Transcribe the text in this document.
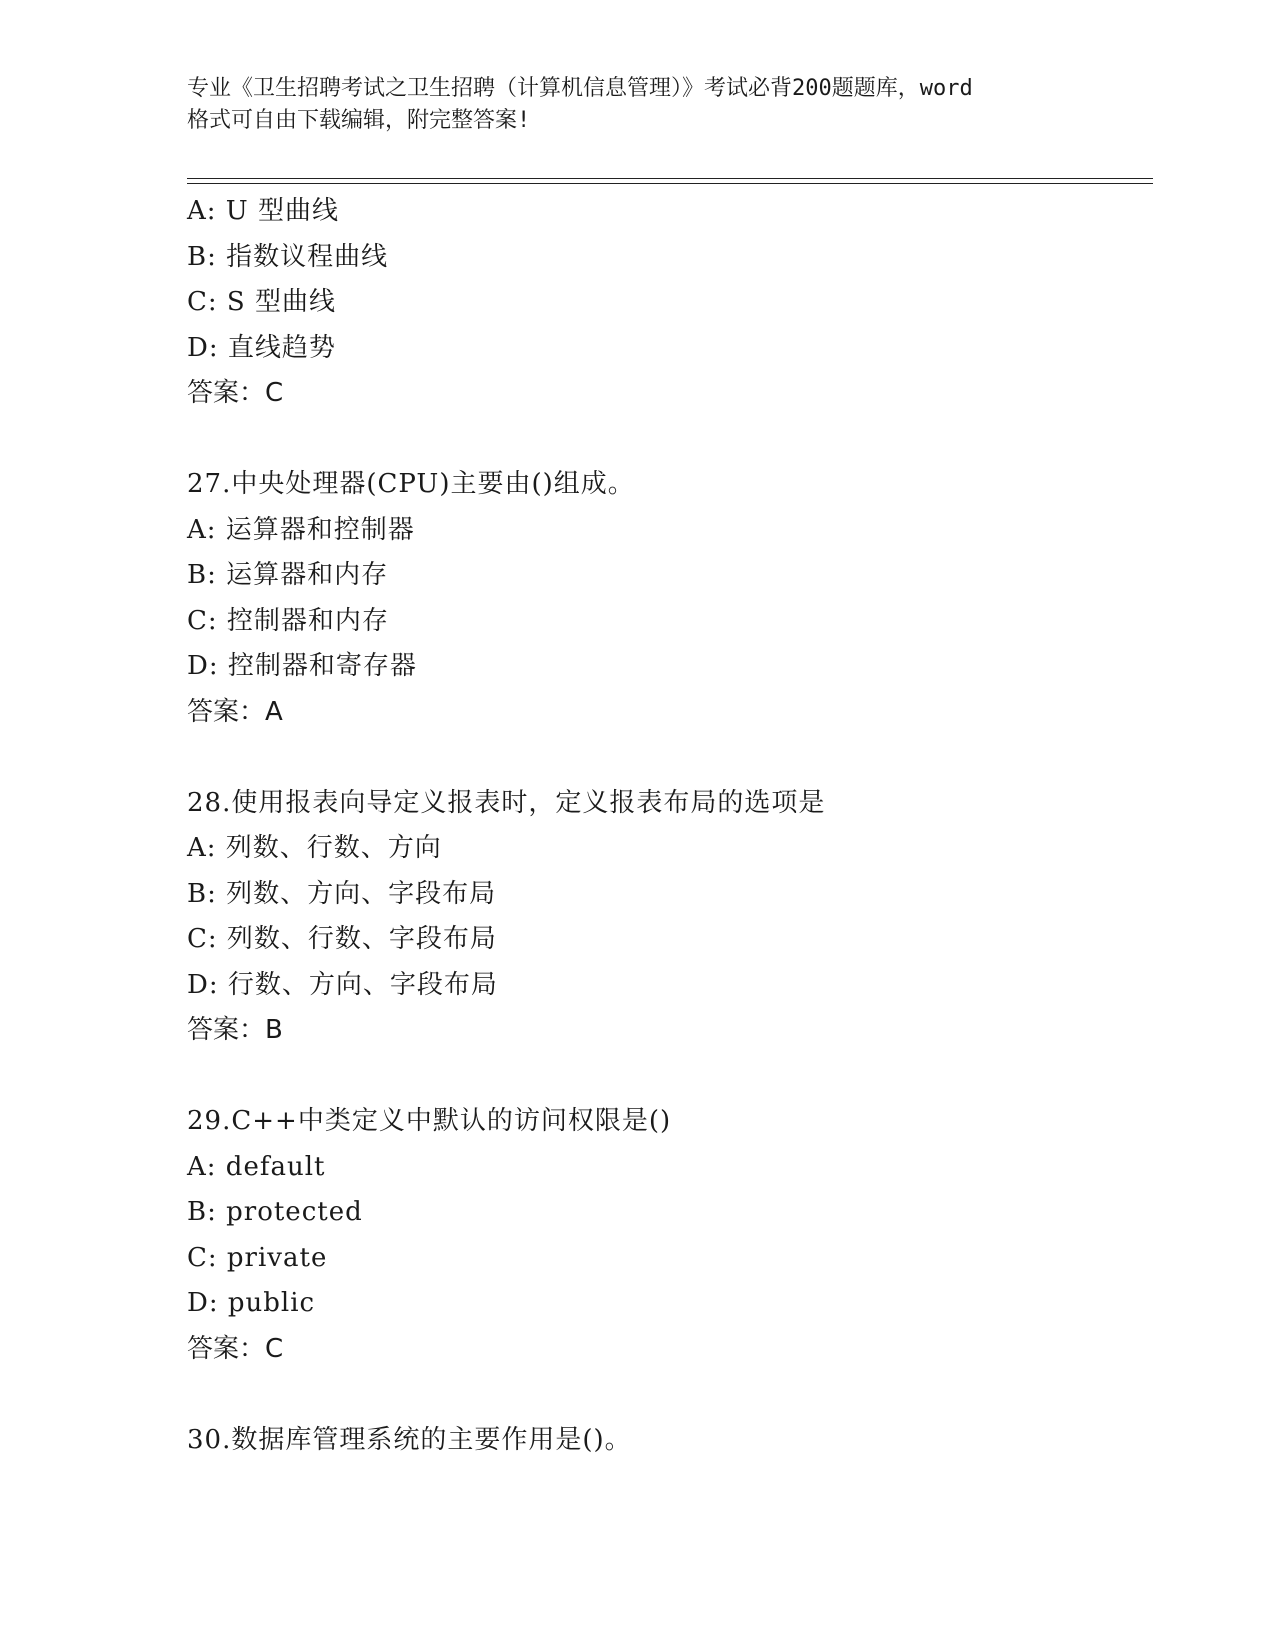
专业《卫生招聘考试之卫生招聘（计算机信息管理）》考试必背200题题库，word
格式可自由下载编辑，附完整答案!
A: U 型曲线
B: 指数议程曲线
C: S 型曲线
D: 直线趋势
答案：C
27.中央处理器(CPU)主要由()组成。
A: 运算器和控制器
B: 运算器和内存
C: 控制器和内存
D: 控制器和寄存器
答案：A
28.使用报表向导定义报表时，定义报表布局的选项是
A: 列数、行数、方向
B: 列数、方向、字段布局
C: 列数、行数、字段布局
D: 行数、方向、字段布局
答案：B
29.C++中类定义中默认的访问权限是()
A: default
B: protected
C: private
D: public
答案：C
30.数据库管理系统的主要作用是()。
